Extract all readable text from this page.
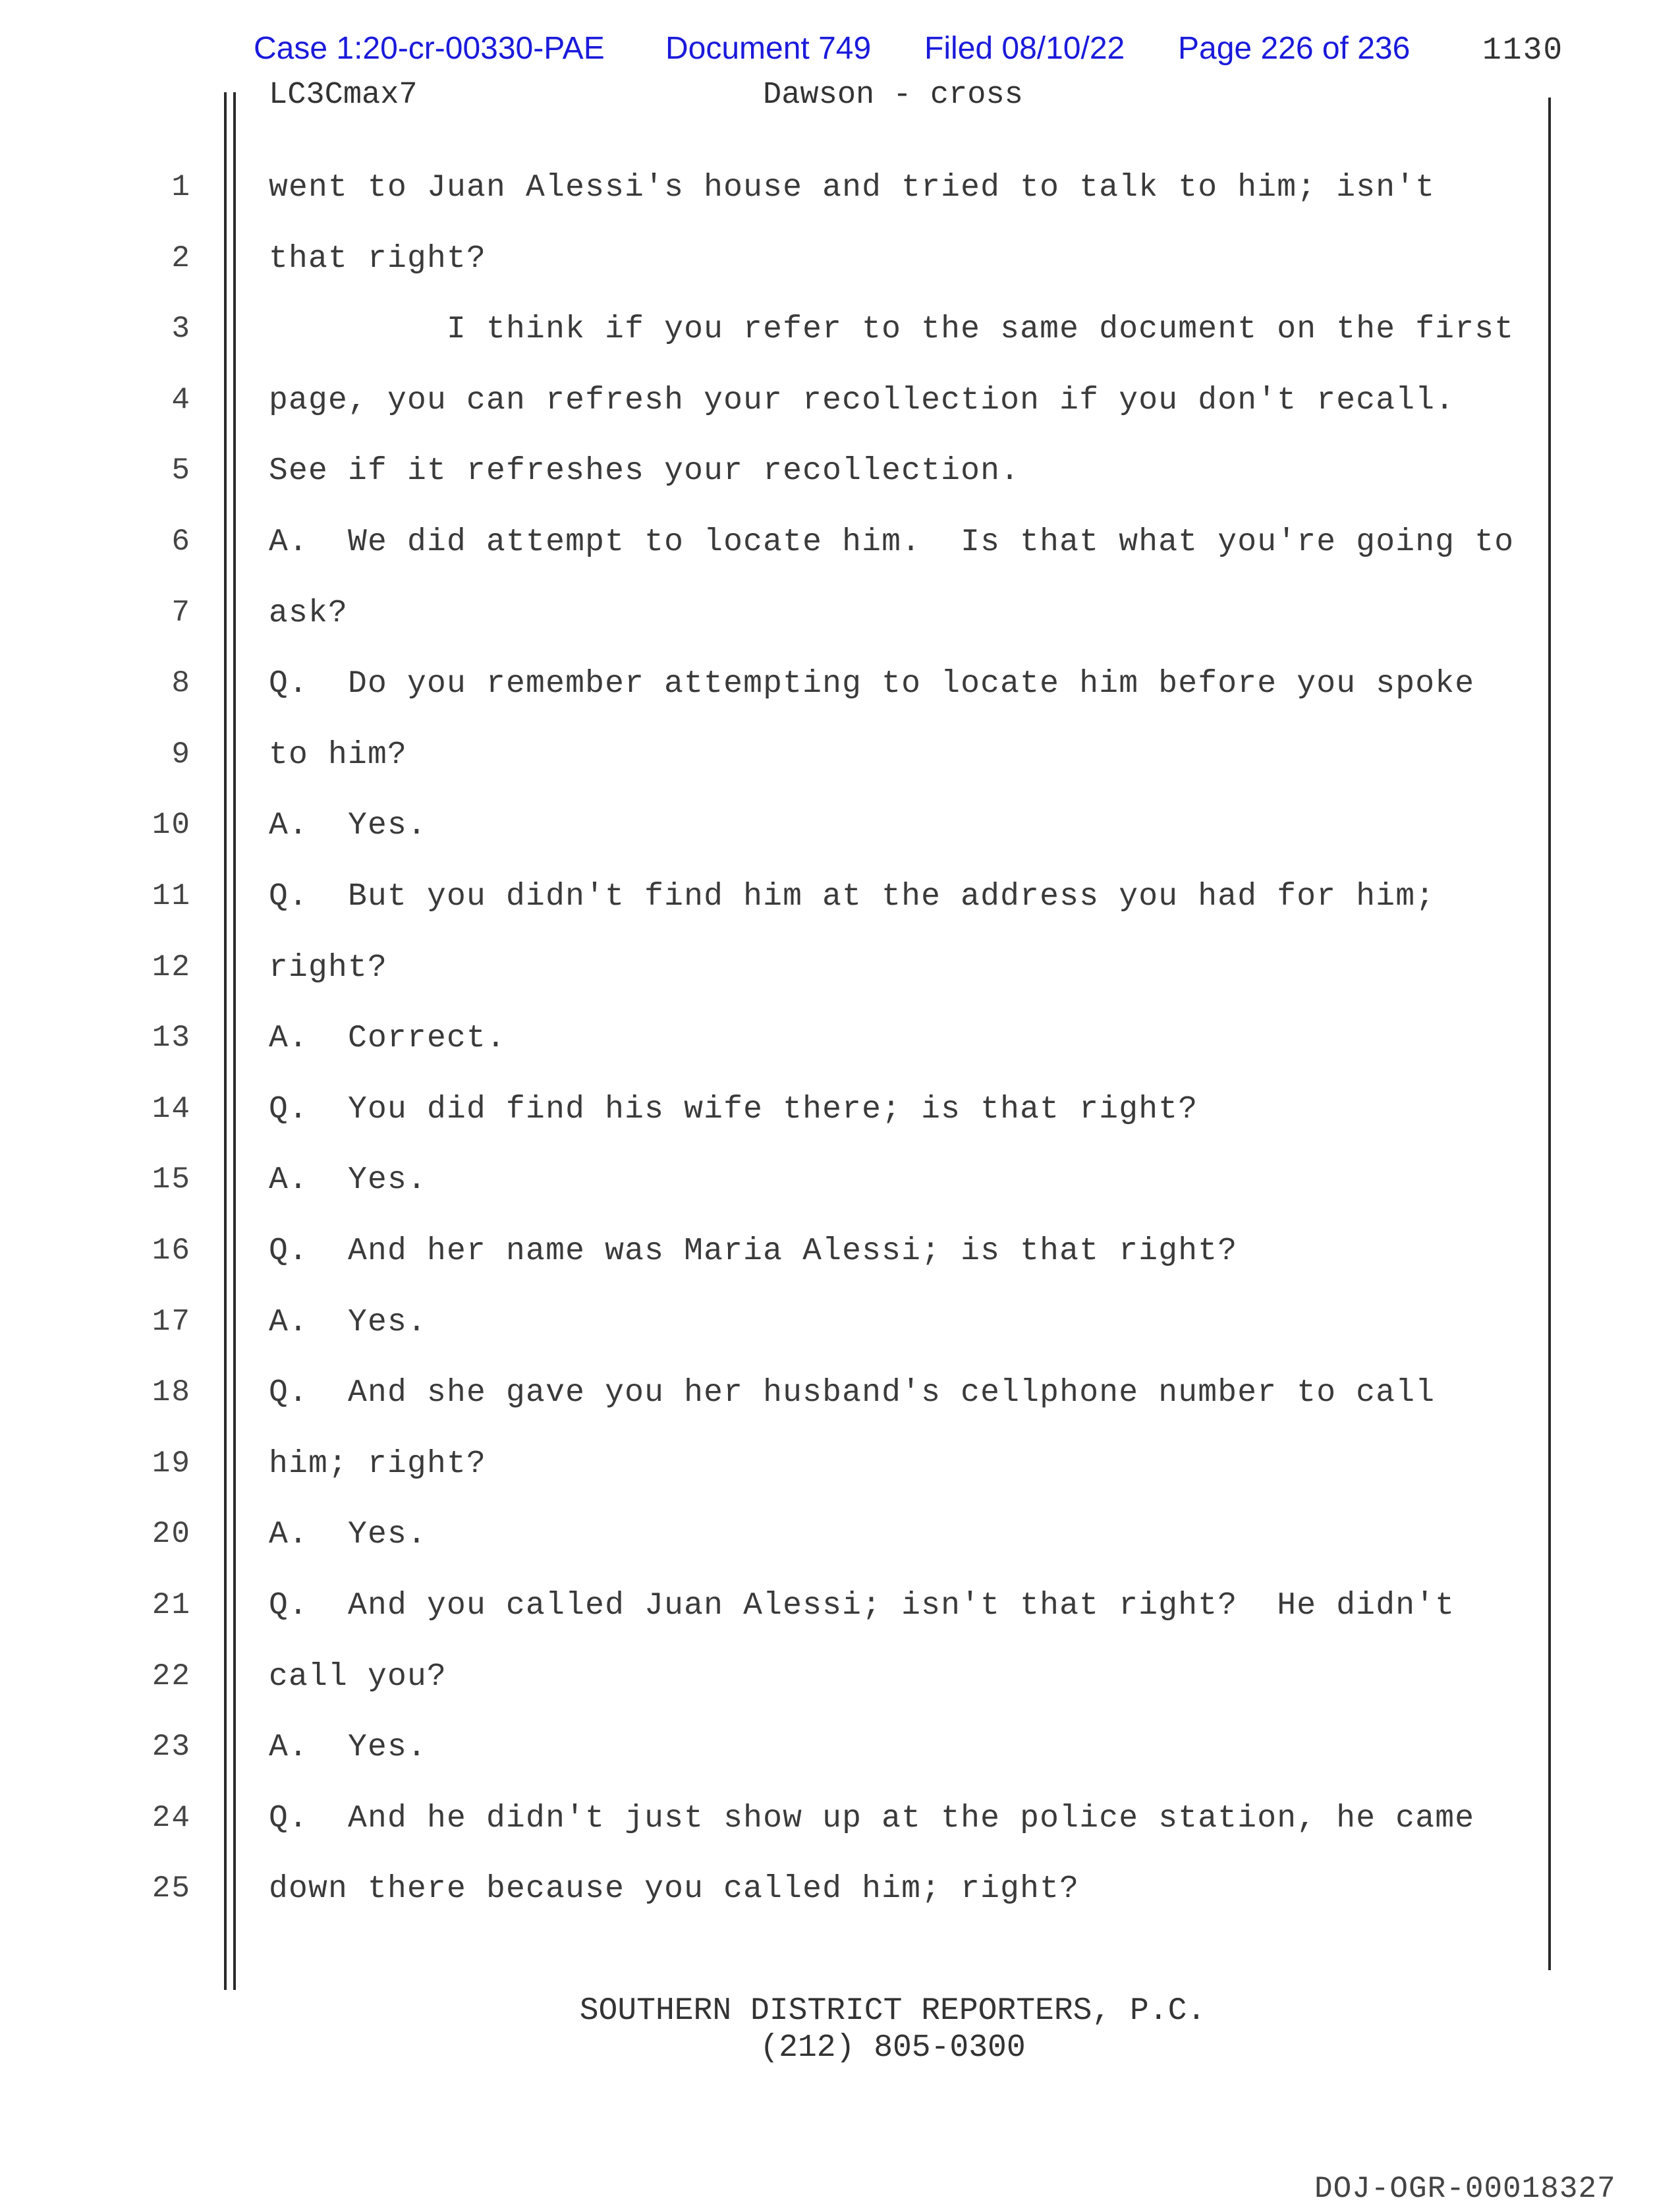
Case 1:20-cr-00330-PAE	Document 749	Filed 08/10/22	Page 226 of 236 1130
LC3Cmax7	Dawson - cross
1 went to Juan Alessi's house and tried to talk to him; isn't
2 that right?
3 I think if you refer to the same document on the first
4 page, you can refresh your recollection if you don't recall.
5 See if it refreshes your recollection.
6 A.  We did attempt to locate him.  Is that what you're going to
7 ask?
8 Q.  Do you remember attempting to locate him before you spoke
9 to him?
10 A.  Yes.
11 Q.  But you didn't find him at the address you had for him;
12 right?
13 A.  Correct.
14 Q.  You did find his wife there; is that right?
15 A.  Yes.
16 Q.  And her name was Maria Alessi; is that right?
17 A.  Yes.
18 Q.  And she gave you her husband's cellphone number to call
19 him; right?
20 A.  Yes.
21 Q.  And you called Juan Alessi; isn't that right?  He didn't
22 call you?
23 A.  Yes.
24 Q.  And he didn't just show up at the police station, he came
25 down there because you called him; right?
SOUTHERN DISTRICT REPORTERS, P.C.
(212) 805-0300
DOJ-OGR-00018327
